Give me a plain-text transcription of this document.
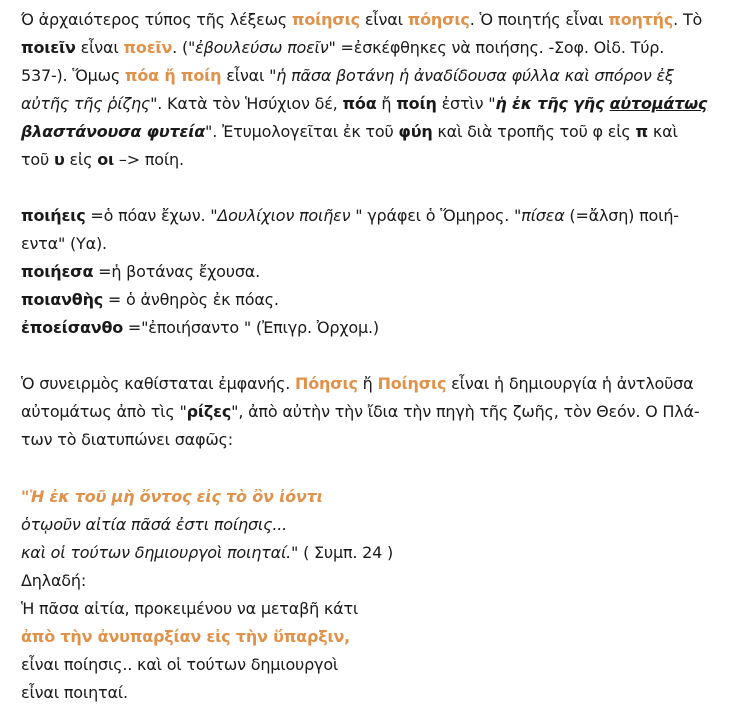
Ό ἀρχαιότερος τύπος τῆς λέξεως ποίησις εἶναι πόησις. Ὁ ποιητής εἶναι ποητής. Τὸ
ποιεῖν εἶναι ποεῖν. ("ἐβουλεύσω ποεῖν" =ἐσκέφθηκες νὰ ποιήσης. -Σοφ. Οἰδ. Τύρ.
537-). Ὅμως πόα ἤ ποίη εἶναι "ἡ πᾶσα βοτάνη ἡ ἀναδίδουσα φύλλα καὶ σπόρον ἐξ
αὐτῆς τῆς ῥίζης". Κατὰ τὸν Ἡσύχιον δέ, πόα ἤ ποίη ἐστὶν "ἡ ἐκ τῆς γῆς αὐτομάτως
βλαστάνουσα φυτεία". Ἐτυμολογεῖται ἐκ τοῦ φύη καὶ διὰ τροπῆς τοῦ φ εἰς π καὶ
τοῦ υ εἰς οι –> ποίη.
ποιήεις =ὁ πόαν ἔχων. "Δουλίχιον ποιῆεν " γράφει ὁ Ὅμηρος. "πίσεα (=ἄλση) ποιή-
εντα" (Υα).
ποιήεσα =ἡ βοτάνας ἔχουσα.
ποιανθὴς = ὁ ἀνθηρὸς ἐκ πόας.
ἐποείσανθο ="ἐποιήσαντο " (Ἐπιγρ. Ὀρχομ.)
Ὁ συνειρμὸς καθίσταται ἐμφανής. Πόησις ἤ Ποίησις εἶναι ἡ δημιουργία ἡ ἀντλοῦσα
αὐτομάτως ἀπὸ τὶς "ρίζες", ἀπὸ αὐτὴν τὴν ἴδια τὴν πηγὴ τῆς ζωῆς, τὸν Θεόν. Ο Πλά-
των τὸ διατυπώνει σαφῶς:
"Ἡ ἐκ τοῦ μὴ ὄντος εἰς τὸ ὂν ἰόντι
ὁτῳοῦν αἰτία πᾶσά ἐστι ποίησις...
καὶ οἱ τούτων δημιουργοὶ ποιηταί." ( Συμπ. 24 )
Δηλαδή:
Ἡ πᾶσα αἰτία, προκειμένου να μεταβῆ κάτι
ἀπὸ τὴν ἀνυπαρξίαν εἰς τὴν ὕπαρξιν,
εἶναι ποίησις.. καὶ οἱ τούτων δημιουργοὶ
εἶναι ποιηταί.
